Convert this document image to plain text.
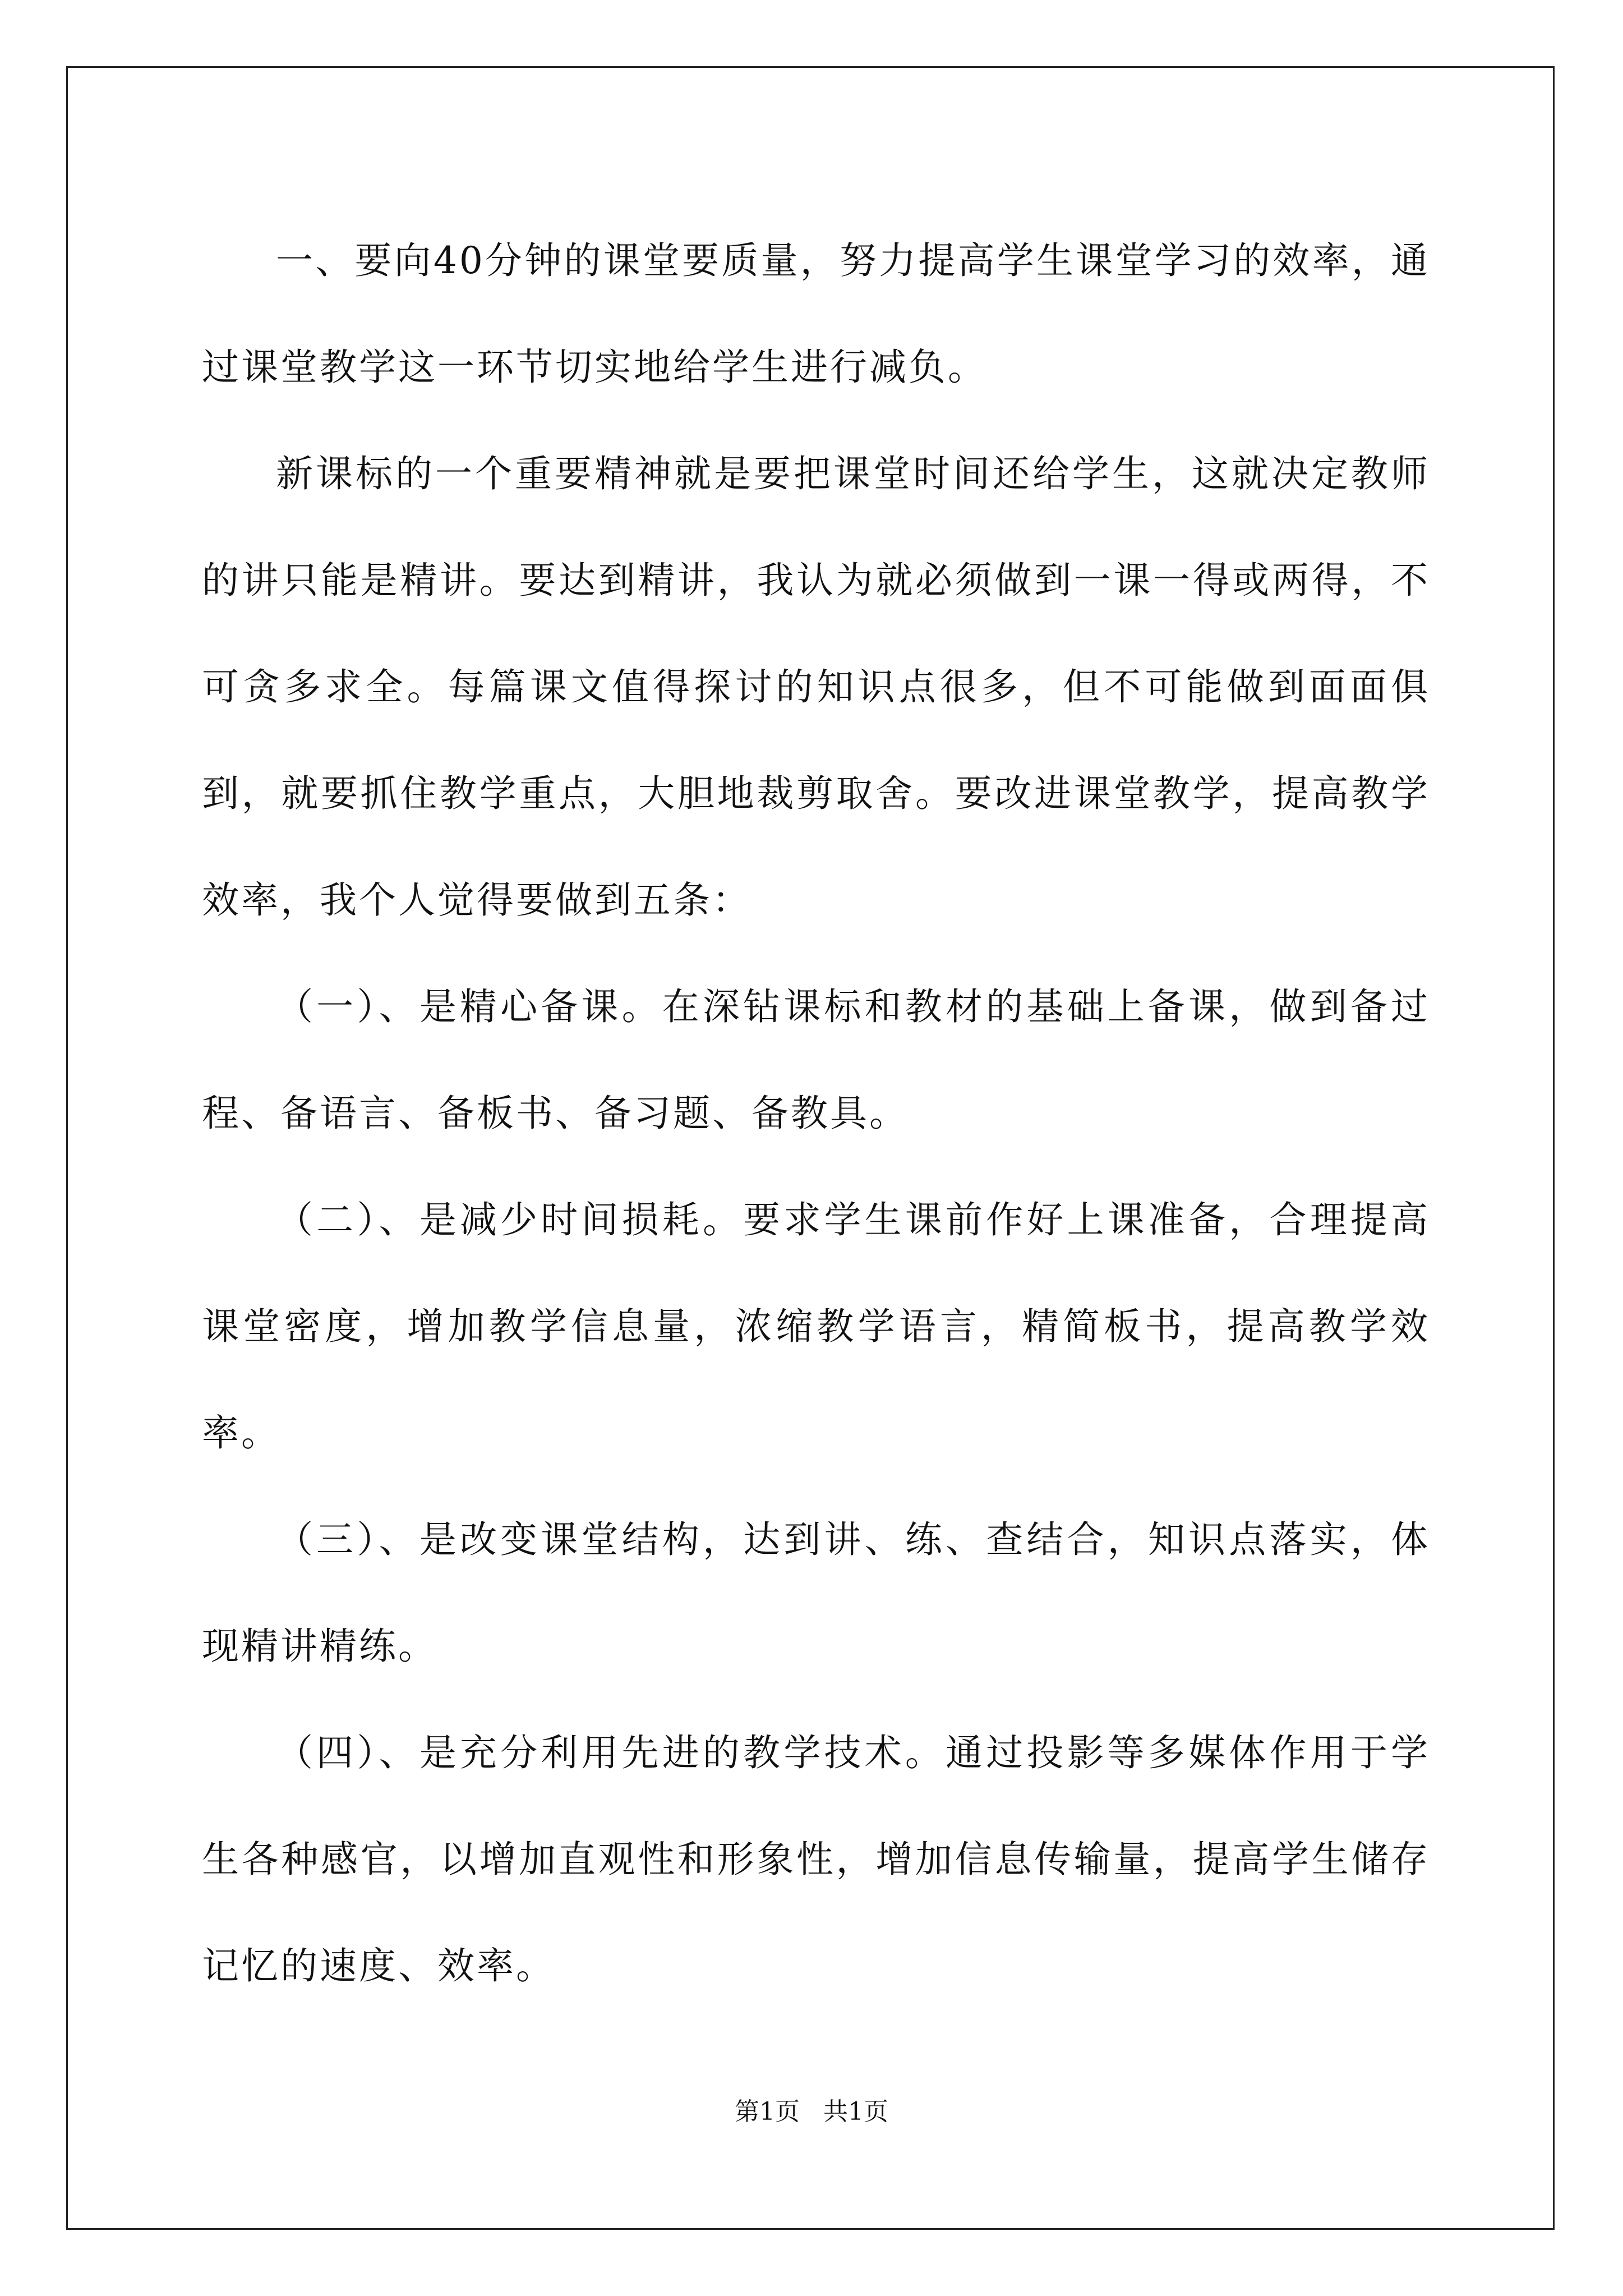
一、要向40分钟的课堂要质量，努力提高学生课堂学习的效率，通过课堂教学这一环节切实地给学生进行减负。

新课标的一个重要精神就是要把课堂时间还给学生，这就决定教师的讲只能是精讲。要达到精讲，我认为就必须做到一课一得或两得，不可贪多求全。每篇课文值得探讨的知识点很多，但不可能做到面面俱到，就要抓住教学重点，大胆地裁剪取舍。要改进课堂教学，提高教学效率，我个人觉得要做到五条：

（一）、是精心备课。在深钻课标和教材的基础上备课，做到备过程、备语言、备板书、备习题、备教具。

（二）、是减少时间损耗。要求学生课前作好上课准备，合理提高课堂密度，增加教学信息量，浓缩教学语言，精简板书，提高教学效率。

（三）、是改变课堂结构，达到讲、练、查结合，知识点落实，体现精讲精练。

（四）、是充分利用先进的教学技术。通过投影等多媒体作用于学生各种感官，以增加直观性和形象性，增加信息传输量，提高学生储存记忆的速度、效率。

第1页 共1页
